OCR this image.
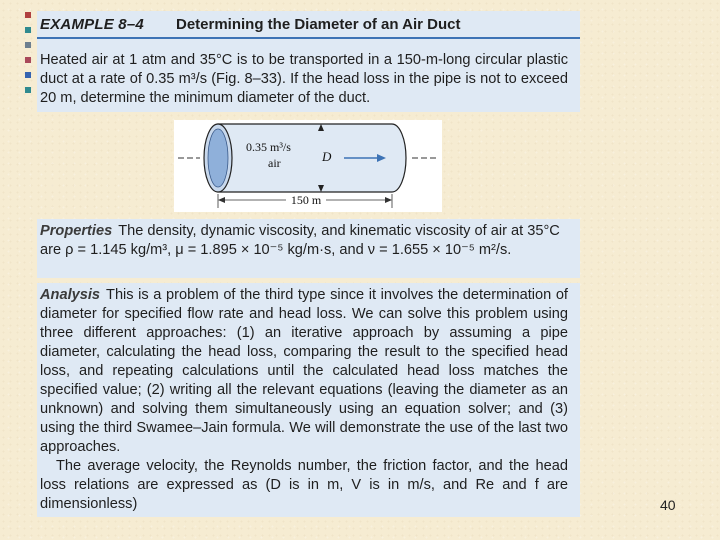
EXAMPLE 8–4 Determining the Diameter of an Air Duct
Heated air at 1 atm and 35°C is to be transported in a 150-m-long circular plastic duct at a rate of 0.35 m³/s (Fig. 8–33). If the head loss in the pipe is not to exceed 20 m, determine the minimum diameter of the duct.
0.35 m³/s
air	D
150 m
Properties The density, dynamic viscosity, and kinematic viscosity of air at 35°C are ρ = 1.145 kg/m³, μ = 1.895 × 10⁻⁵ kg/m·s, and ν = 1.655 × 10⁻⁵ m²/s.
Analysis This is a problem of the third type since it involves the determination of diameter for specified flow rate and head loss. We can solve this problem using three different approaches: (1) an iterative approach by assuming a pipe diameter, calculating the head loss, comparing the result to the specified head loss, and repeating calculations until the calculated head loss matches the specified value; (2) writing all the relevant equations (leaving the diameter as an unknown) and solving them simultaneously using an equation solver; and (3) using the third Swamee–Jain formula. We will demonstrate the use of the last two approaches.
The average velocity, the Reynolds number, the friction factor, and the head loss relations are expressed as (D is in m, V is in m/s, and Re and f are dimensionless)	40
